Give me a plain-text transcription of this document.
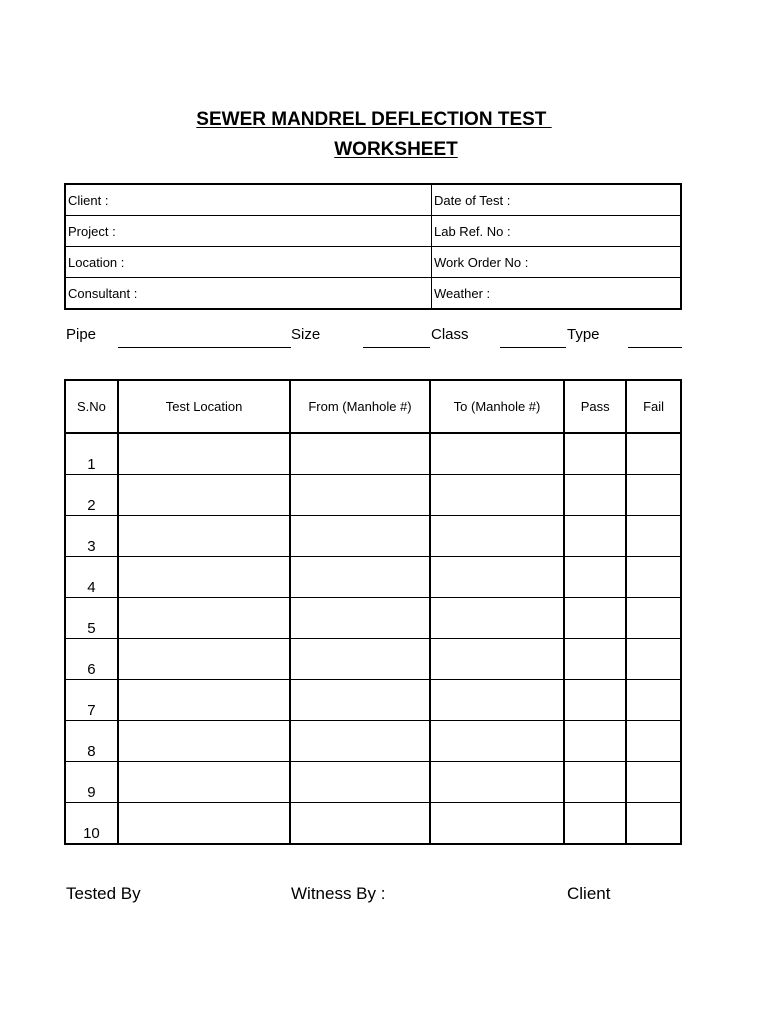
SEWER MANDREL DEFLECTION TEST
WORKSHEET
Client :	Date of Test :
Project :	Lab Ref. No :
Location :	Work Order No :
Consultant :	Weather :
Pipe	Size	Class	Type
S.No	Test Location	From (Manhole #)	To (Manhole #)	Pass	Fail
1					
2					
3					
4					
5					
6					
7					
8					
9					
10					
Tested By	Witness By :	Client
